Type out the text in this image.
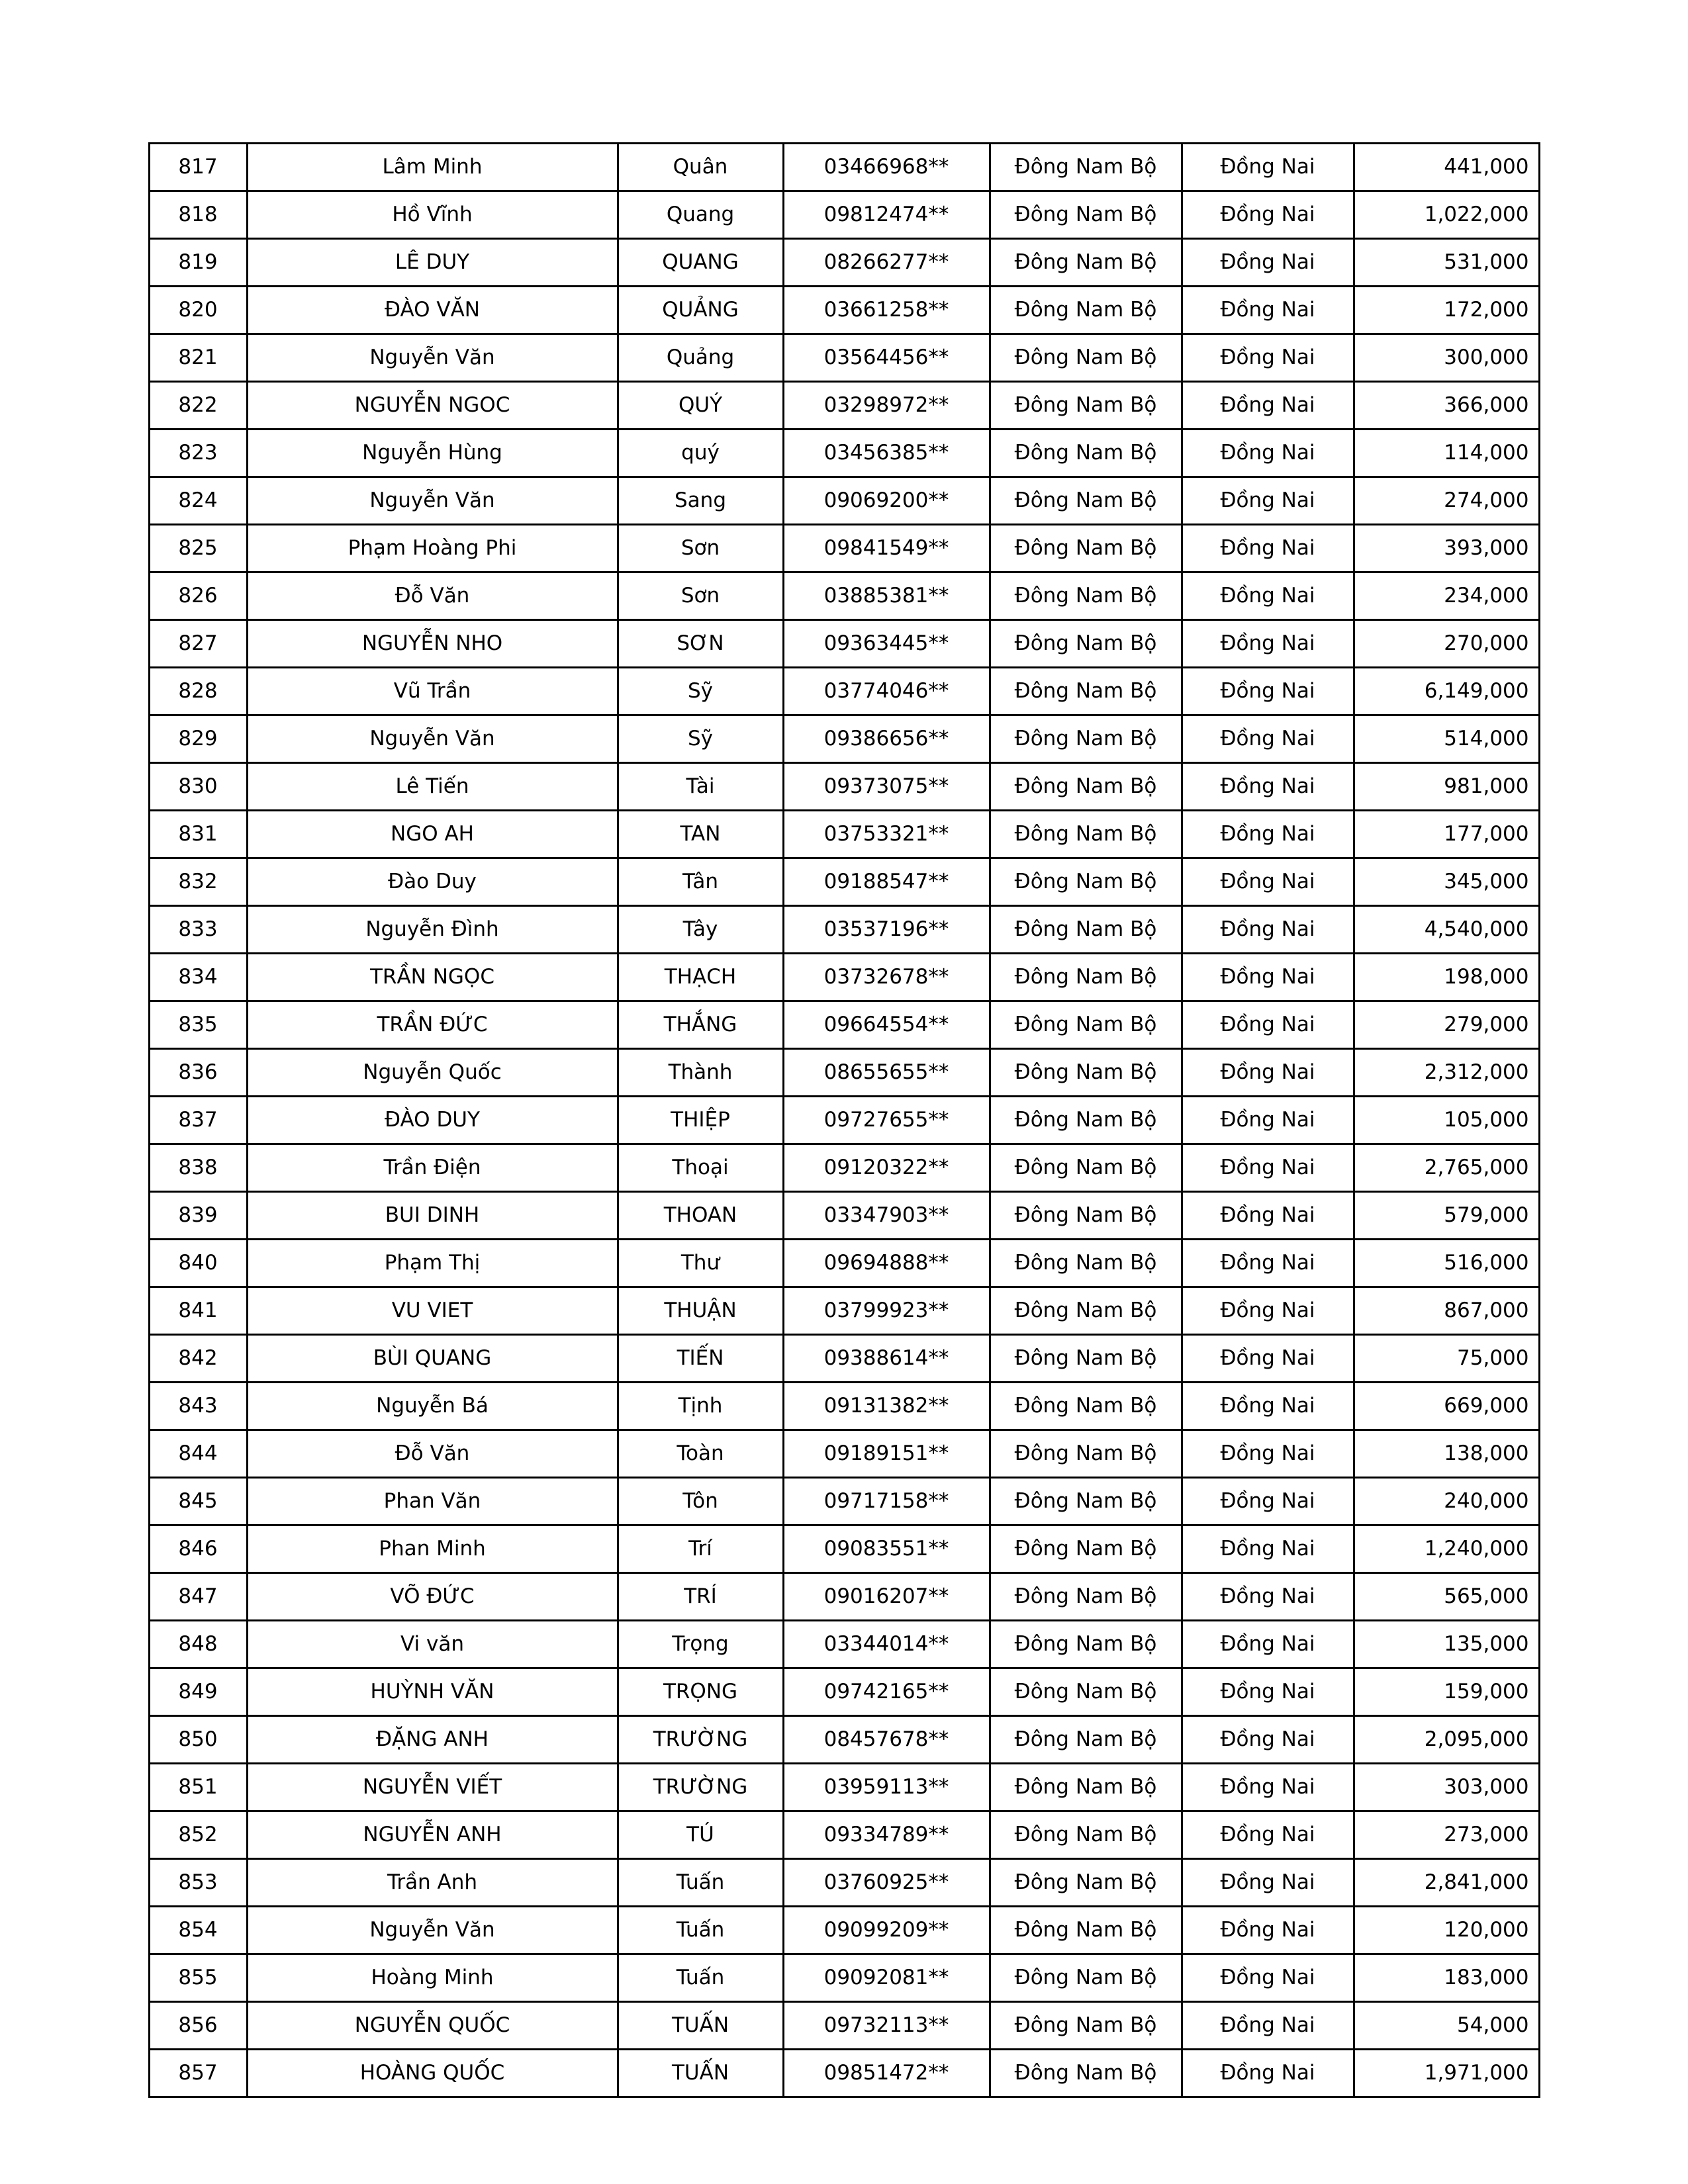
817	Lâm Minh	Quân	03466968**	Đông Nam Bộ	Đồng Nai	441,000
818	Hồ Vĩnh	Quang	09812474**	Đông Nam Bộ	Đồng Nai	1,022,000
819	LÊ DUY	QUANG	08266277**	Đông Nam Bộ	Đồng Nai	531,000
820	ĐÀO VĂN	QUẢNG	03661258**	Đông Nam Bộ	Đồng Nai	172,000
821	Nguyễn Văn	Quảng	03564456**	Đông Nam Bộ	Đồng Nai	300,000
822	NGUYỄN NGOC	QUÝ	03298972**	Đông Nam Bộ	Đồng Nai	366,000
823	Nguyễn Hùng	quý	03456385**	Đông Nam Bộ	Đồng Nai	114,000
824	Nguyễn Văn	Sang	09069200**	Đông Nam Bộ	Đồng Nai	274,000
825	Phạm Hoàng Phi	Sơn	09841549**	Đông Nam Bộ	Đồng Nai	393,000
826	Đỗ Văn	Sơn	03885381**	Đông Nam Bộ	Đồng Nai	234,000
827	NGUYỄN NHO	SƠN	09363445**	Đông Nam Bộ	Đồng Nai	270,000
828	Vũ Trần	Sỹ	03774046**	Đông Nam Bộ	Đồng Nai	6,149,000
829	Nguyễn Văn	Sỹ	09386656**	Đông Nam Bộ	Đồng Nai	514,000
830	Lê Tiến	Tài	09373075**	Đông Nam Bộ	Đồng Nai	981,000
831	NGO AH	TAN	03753321**	Đông Nam Bộ	Đồng Nai	177,000
832	Đào Duy	Tân	09188547**	Đông Nam Bộ	Đồng Nai	345,000
833	Nguyễn Đình	Tây	03537196**	Đông Nam Bộ	Đồng Nai	4,540,000
834	TRẦN NGỌC	THẠCH	03732678**	Đông Nam Bộ	Đồng Nai	198,000
835	TRẦN ĐỨC	THẮNG	09664554**	Đông Nam Bộ	Đồng Nai	279,000
836	Nguyễn Quốc	Thành	08655655**	Đông Nam Bộ	Đồng Nai	2,312,000
837	ĐÀO DUY	THIỆP	09727655**	Đông Nam Bộ	Đồng Nai	105,000
838	Trần Điện	Thoại	09120322**	Đông Nam Bộ	Đồng Nai	2,765,000
839	BUI DINH	THOAN	03347903**	Đông Nam Bộ	Đồng Nai	579,000
840	Phạm Thị	Thư	09694888**	Đông Nam Bộ	Đồng Nai	516,000
841	VU VIET	THUẬN	03799923**	Đông Nam Bộ	Đồng Nai	867,000
842	BÙI QUANG	TIẾN	09388614**	Đông Nam Bộ	Đồng Nai	75,000
843	Nguyễn Bá	Tịnh	09131382**	Đông Nam Bộ	Đồng Nai	669,000
844	Đỗ Văn	Toàn	09189151**	Đông Nam Bộ	Đồng Nai	138,000
845	Phan Văn	Tôn	09717158**	Đông Nam Bộ	Đồng Nai	240,000
846	Phan Minh	Trí	09083551**	Đông Nam Bộ	Đồng Nai	1,240,000
847	VÕ ĐỨC	TRÍ	09016207**	Đông Nam Bộ	Đồng Nai	565,000
848	Vi văn	Trọng	03344014**	Đông Nam Bộ	Đồng Nai	135,000
849	HUỲNH VĂN	TRỌNG	09742165**	Đông Nam Bộ	Đồng Nai	159,000
850	ĐẶNG ANH	TRƯỜNG	08457678**	Đông Nam Bộ	Đồng Nai	2,095,000
851	NGUYỄN VIẾT	TRƯỜNG	03959113**	Đông Nam Bộ	Đồng Nai	303,000
852	NGUYỄN ANH	TÚ	09334789**	Đông Nam Bộ	Đồng Nai	273,000
853	Trần Anh	Tuấn	03760925**	Đông Nam Bộ	Đồng Nai	2,841,000
854	Nguyễn Văn	Tuấn	09099209**	Đông Nam Bộ	Đồng Nai	120,000
855	Hoàng Minh	Tuấn	09092081**	Đông Nam Bộ	Đồng Nai	183,000
856	NGUYỄN QUỐC	TUẤN	09732113**	Đông Nam Bộ	Đồng Nai	54,000
857	HOÀNG QUỐC	TUẤN	09851472**	Đông Nam Bộ	Đồng Nai	1,971,000
